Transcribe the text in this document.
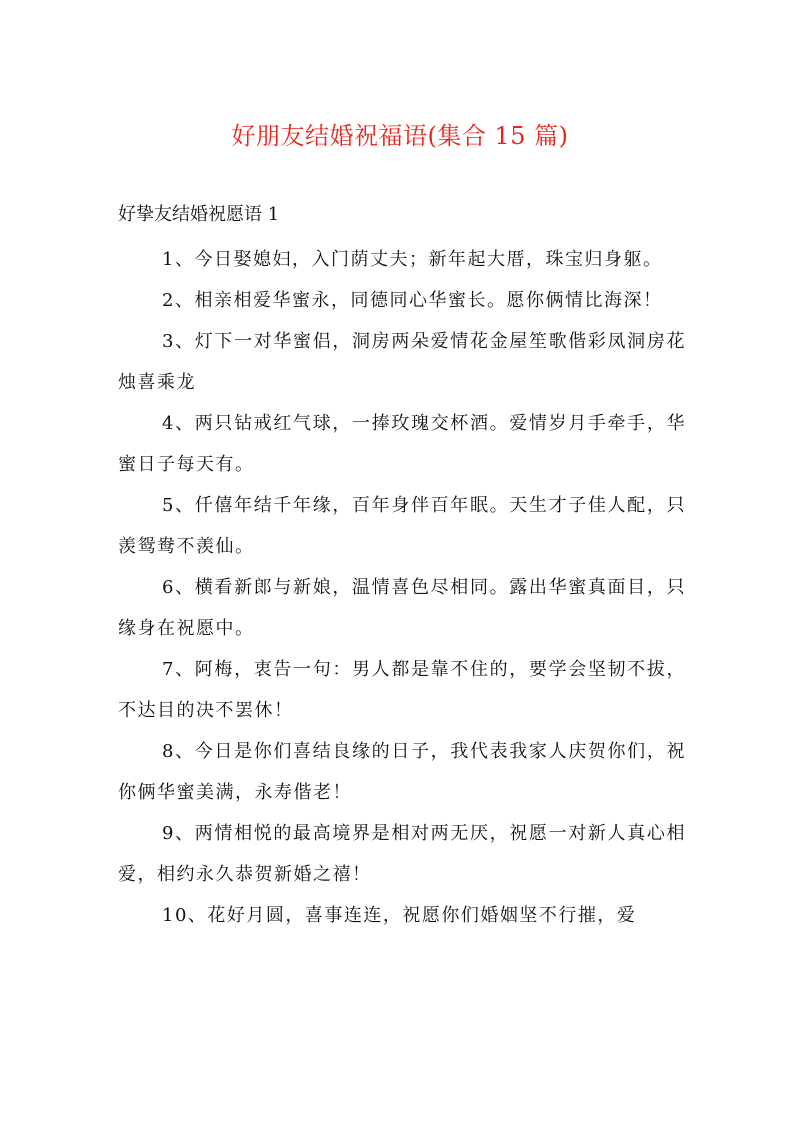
好朋友结婚祝福语(集合 15 篇)
好挚友结婚祝愿语 1

1、今日娶媳妇，入门荫丈夫；新年起大厝，珠宝归身躯。

2、相亲相爱华蜜永，同德同心华蜜长。愿你俩情比海深！

3、灯下一对华蜜侣，洞房两朵爱情花金屋笙歌偕彩凤洞房花烛喜乘龙

4、两只钻戒红气球，一捧玫瑰交杯酒。爱情岁月手牵手，华蜜日子每天有。

5、仟僖年结千年缘，百年身伴百年眠。天生才子佳人配，只羡鸳鸯不羡仙。

6、横看新郎与新娘，温情喜色尽相同。露出华蜜真面目，只缘身在祝愿中。

7、阿梅，衷告一句：男人都是靠不住的，要学会坚韧不拔，不达目的决不罢休！

8、今日是你们喜结良缘的日子，我代表我家人庆贺你们，祝你俩华蜜美满，永寿偕老！

9、两情相悦的最高境界是相对两无厌，祝愿一对新人真心相爱，相约永久恭贺新婚之禧！

10、花好月圆，喜事连连，祝愿你们婚姻坚不行摧，爱
